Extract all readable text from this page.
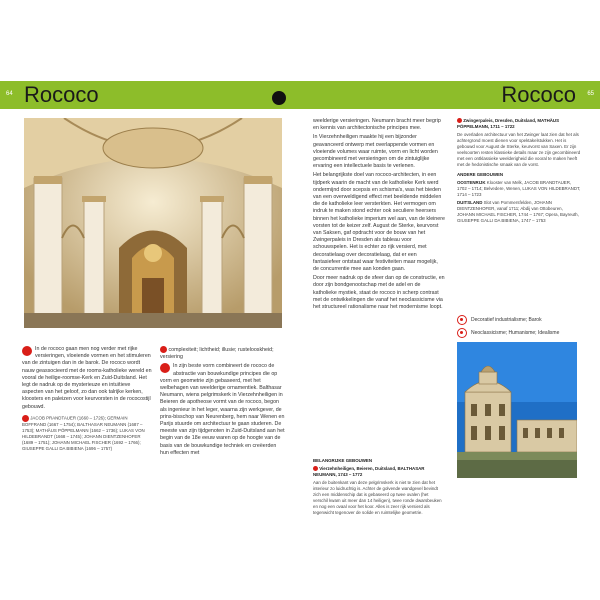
64 Rococo	Rococo 65

In de rococo gaan men nog verder met rijke versieringen, vloeiende vormen en het stimuleren van de zintuigen dan in de barok. De rococo wordt nauw geassocieerd met de rooms-katholieke wereld en vooral de heilige-roomse-Kerk en Zuid-Duitsland. Het legt de nadruk op de mysterieuze en intuïtieve aspecten van het geloof, zo dan ook talrijke kerken, kloosters en paleizen voor keurvorsten in de rococostijl gebouwd.

JACOB PRANDTAUER (1660 – 1726); GERMAIN BOFFRAND (1667 – 1754); BALTHASAR NEUMANN (1687 – 1753); MATHÄUS PÖPPELMANN (1662 – 1736); LUKAS VON HILDEBRANDT (1668 – 1745); JOHANN DIENTZENHOFER (1689 – 1751); JOHANN MICHAEL FISCHER (1692 – 1766); GIUSEPPE GALLI DA BIBIENA (1696 – 1757)

complexiteit; lichtheid; illusie; rustelooskheid; versiering

In zijn beste vorm combineert de rococo de abstractie van bouwkundige principes die op vorm en geometrie zijn gebaseerd, met het welbehagen van weelderige ornamentiek. Balthasar Neumann, wiens pelgrimskerk in Vierzehnheiligen in Beieren de apotheose vormt van de rococo, begon als ingenieur in het leger, waarna zijn werkgever, de prins-bisschop van Neurenberg, hem naar Wenen en Parijs stuurde om architectuur te gaan studeren. De meeste van zijn tijdgenoten in Zuid-Duitsland aan het begin van de 18e eeuw waren op de hoogte van de basis van de bouwkundige techniek en creëerden hun effecten met

weelderige versieringen. Neumann bracht meer begrip en kennis van architectonische principes mee.

In Vierzehnheiligen maakte hij een bijzonder geavanceerd ontwerp met overlappende vormen en vloeiende volumes waar ruimte, vorm en licht worden gecombineerd met versieringen om de zintuiglijke ervaring een intellectuele basis te verlenen.

Het belangrijkste doel van rococo-architecten, in een tijdperk waarin de macht van de katholieke Kerk werd ondermijnd door scepsis en schisma's, was het bieden van een overweldigend effect met beeldende middelen die de katholieke leer versterkten. Het vermogen om indruk te maken stond echter ook seculiere heersers binnen het katholieke imperium wel aan, van de kleinere vorsten tot de keizer zelf. August de Sterke, keurvorst van Saksen, gaf opdracht voor de bouw van het Zwingerpaleis in Dresden als tableau voor schouwspelen. Het is echter zo rijk versierd, met decoratielaag over decoratielaag, dat er een fantasiefeer ontstaat waar festiviteiten maar mogelijk, de concurrentie mee aan konden gaan.

Door meer nadruk op de sfeer dan op de constructie, en door zijn bondgenootschap met de adel en de katholieke mystiek, staat de rococo in scherp contrast met de ontwikkelingen die vanaf het neoclassicisme via het structureel rationalisme naar het modernisme loopt.

BELANGRIJKE GEBOUWEN

Vierzehnheiligen, Beieren, Duitsland, BALTHASAR NEUMANN, 1743 – 1772

Aan de buitenkant van deze pelgrimskerk is niet te zien dat het interieur zo luidruchtig is. Achter de golvende wandgevel bevindt zich een middenschip dat is gebaseerd op twee ovalen (het verschil kwam uit meer dan 14 heiligen), twee ronde dwarsbeuken en nog een ovaal voor het koor. Alles is zeer rijk versierd als tegenwicht tegenover de solide en ruimtelijke geometrie.

Zwingerpaleis, Dresden, Duitsland, MATHÄUS PÖPPELMANN, 1711 – 1722

De overladen architectuur van het Zwinger laat zien dat het als achtergrond moest dienen voor spektakelstukken. Het is gebouwd voor August de Sterke, keurvorst van Saxen. Er zijn veelsoorten resten klassieke details maar ze zijn gecombineerd met een ontklassieke weelderigheid die vooral te maken heeft met de hedonistische smaak van de vorst.

ANDERE GEBOUWEN

OOSTENRIJK Klooster van Melk, JACOB BRANDTAUER, 1702 – 1714; Belvedere, Wenen, LUKAS VON HILDEBRANDT, 1714 – 1723

DUITSLAND Slot van Pommersfelden, JOHANN DIENTZENHOFER, vanaf 1711; Abdij van Ottobeuren, JOHANN MICHAEL FISCHER, 1744 – 1767; Opera, Bayreuth, GIUSEPPE GALLI DA BIBIENA, 1747 – 1753

Decoratief industrialisme; Barok
Neoclassicisme; Humanisme; Idealisme
